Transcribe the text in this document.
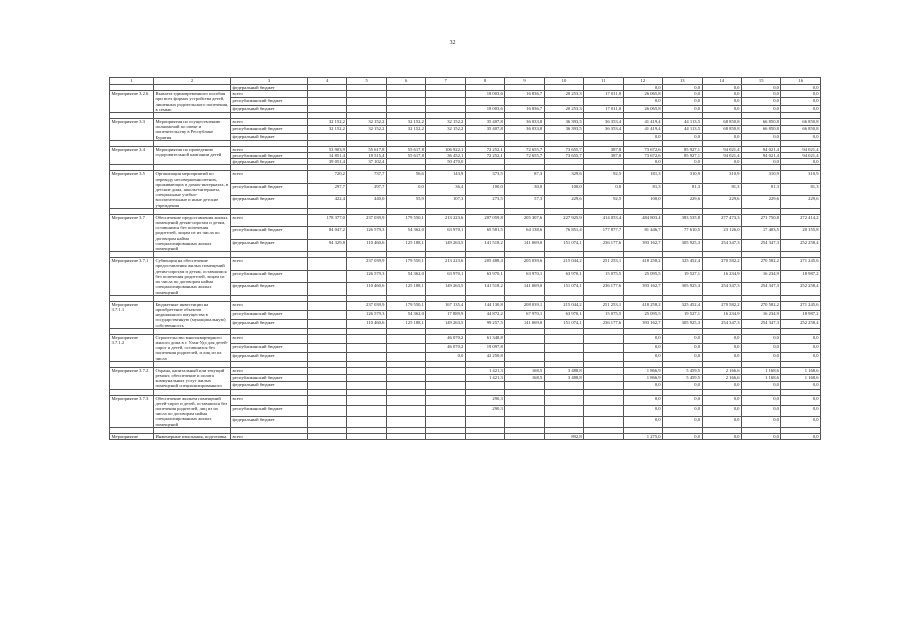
32
1	2	3	4	5	6	7	8	9	10	11	12	13	14	15	16
		федеральный бюджет									0,0	0,0	0,0	0,0	0,0
Мероприятие 3.2.6	Выплата единовременного пособия при всех формах устройства детей, лишенных родительского попечения, в семью	всего					18 003,6	16 836,7	20 253,3	17 011,0	26 065,8	0,0	0,0	0,0	0,0
		республиканский бюджет									0,0	0,0	0,0	0,0	0,0
		федеральный бюджет					18 003,6	16 836,7	20 253,3	17 011,0	26 065,8	0,0	0,0	0,0	0,0

Мероприятие 3.3	Мероприятия по осуществлению полномочий по опеке и попечительству в Республике Бурятия	всего	32 152,2	32 152,2	32 152,2	32 152,2	35 407,8	36 033,8	36 393,5	36 353,4	41 419,4	44 113,5	68 850,8	66 850,8	66 850,8
		республиканский бюджет	32 152,2	32 152,2	32 152,2	32 152,2	35 407,8	36 033,8	36 393,5	36 353,4	41 419,4	44 113,5	68 850,8	66 850,8	66 850,8
		федеральный бюджет									0,0	0,0	0,0	0,0	0,0

Мероприятие 3.4	Мероприятия по проведению оздоровительной кампании детей	всего	53 903,9	55 617,8	55 617,8	106 922,1	72 252,1	72 655,7	73 655,7	387,8	73 672,6	85 927,1	94 021,4	94 021,4	94 021,4
		республиканский бюджет	14 851,4	18 515,4	55 617,8	36 452,1	72 252,1	72 655,7	73 655,7	387,8	73 672,6	85 927,1	94 021,4	94 021,4	94 021,4
		федеральный бюджет	39 051,4	37 102,4		50 470,0					0,0	0,0	0,0	0,0	0,0

Мероприятие 3.5	Организация мероприятий по переводу несовершеннолетних, проживающих в домах-интернатах, в детские дома, школы-интернаты, специальные учебно-воспитательные и иные детские учреждения	всего	720,2	737,7	56,6	143,9	373,5	87,3	329,6	92,5	181,3	310,9	310,9	310,9	310,9
		республиканский бюджет	297,7	297,7	0,0	36,4	100,0	30,0	100,0	0,0	81,3	81,3	81,3	81,3	81,3
		федеральный бюджет	422,4	440,0	55,9	107,3	273,5	57,3	229,6	92,5	100,0	229,6	229,6	229,6	229,6

Мероприятие 3.7	Обеспечение предоставления жилых помещений детям-сиротам и детям, оставшимся без попечения родителей, лицам из их числа по договорам найма специализированных жилых помещений	всего	178 377,0	237 039,9	179 550,1	213 223,6	207 059,8	205 307,6	227 925,9	414 053,4	484 803,4	383 535,8	277 473,3	271 750,8	272 414,2
		республиканский бюджет	84 047,2	126 579,3	54 362,0	63 970,1	65 581,5	64 138,6	76 851,4	177 877,7	81 446,7	77 610,5	23 126,0	17 403,5	20 155,8
		федеральный бюджет	94 329,8	110 460,6	125 188,1	149 263,5	141 518,2	141 069,0	151 074,1	236 177,6	393 162,7	305 925,3	254 347,3	254 347,3	252 258,4

Мероприятие 3.7.1	Субвенция на обеспечение предоставления жилых помещений детям-сиротам и детям, оставшимся без попечения родителей, лицам из их числа по договорам найма специализированных жилых помещений	всего		237 039,9	179 550,1	213 223,6	205 488,4	205 039,6	215 044,2	251 253,1	418 258,2	325 452,4	270 582,2	270 582,2	271 245,6
		республиканский бюджет		126 579,3	54 362,0	63 970,1	63 970,1	63 970,1	63 970,1	15 075,5	25 095,5	19 527,1	16 234,9	16 234,9	18 987,2
		федеральный бюджет		110 460,6	125 188,1	149 263,5	141 518,2	141 069,0	151 074,1	236 177,6	393 162,7	305 925,3	254 347,3	254 347,3	252 258,4

Мероприятие 3.7.1.1	Бюджетные инвестиции на приобретение объектов недвижимого имущества в государственную (муниципальную) собственность	всего		237 039,9	179 550,1	167 135,4	144 130,8	208 039,1	215 044,2	251 253,1	418 258,2	325 452,4	270 582,2	270 582,2	271 245,6
		республиканский бюджет		126 579,3	54 362,0	17 889,9	44 872,2	67 970,1	63 970,1	15 075,5	25 095,5	19 527,1	16 234,9	16 234,9	18 987,2
		федеральный бюджет		110 460,6	125 188,1	149 263,5	99 257,5	141 069,0	151 074,1	236 177,6	393 162,7	305 925,3	254 347,3	254 347,3	252 258,4

Мероприятие 3.7.1.2	Строительство многоквартирного жилого дома в г. Улан-Удэ для детей-сирот и детей, оставшихся без попечения родителей, и лиц из их числа	всего				46 070,2	61 348,8				0,0	0,0	0,0	0,0	0,0
		республиканский бюджет				46 070,2	19 097,8				0,0	0,0	0,0	0,0	0,0
		федеральный бюджет				0,0	42 250,8				0,0	0,0	0,0	0,0	0,0

Мероприятие 3.7.2	Охрана, капитальный или текущий ремонт, обеспечение и оплата коммунальных услуг жилых помещений специализированного	всего					1 421,3	168,5	3 488,8		1 866,9	5 459,5	2 166,6	1 168,6	1 168,6
		республиканский бюджет					1 421,3	168,5	3 488,8		1 866,9	5 459,5	2 166,6	1 168,6	1 168,6
		федеральный бюджет									0,0	0,0	0,0	0,0	0,0

Мероприятие 3.7.3	Обеспечение жильем помещений детей-сирот и детей, оставшихся без попечения родителей, лиц из их числа по договорам найма специализированных жилых помещений	всего					290,3				0,0	0,0	0,0	0,0	0,0
		республиканский бюджет					290,3				0,0	0,0	0,0	0,0	0,0
		федеральный бюджет									0,0	0,0	0,0	0,0	0,0

Мероприятие	Инженерные изыскания, подготовка	всего							892,8		1 275,0	0,0	0,0	0,0	0,0
